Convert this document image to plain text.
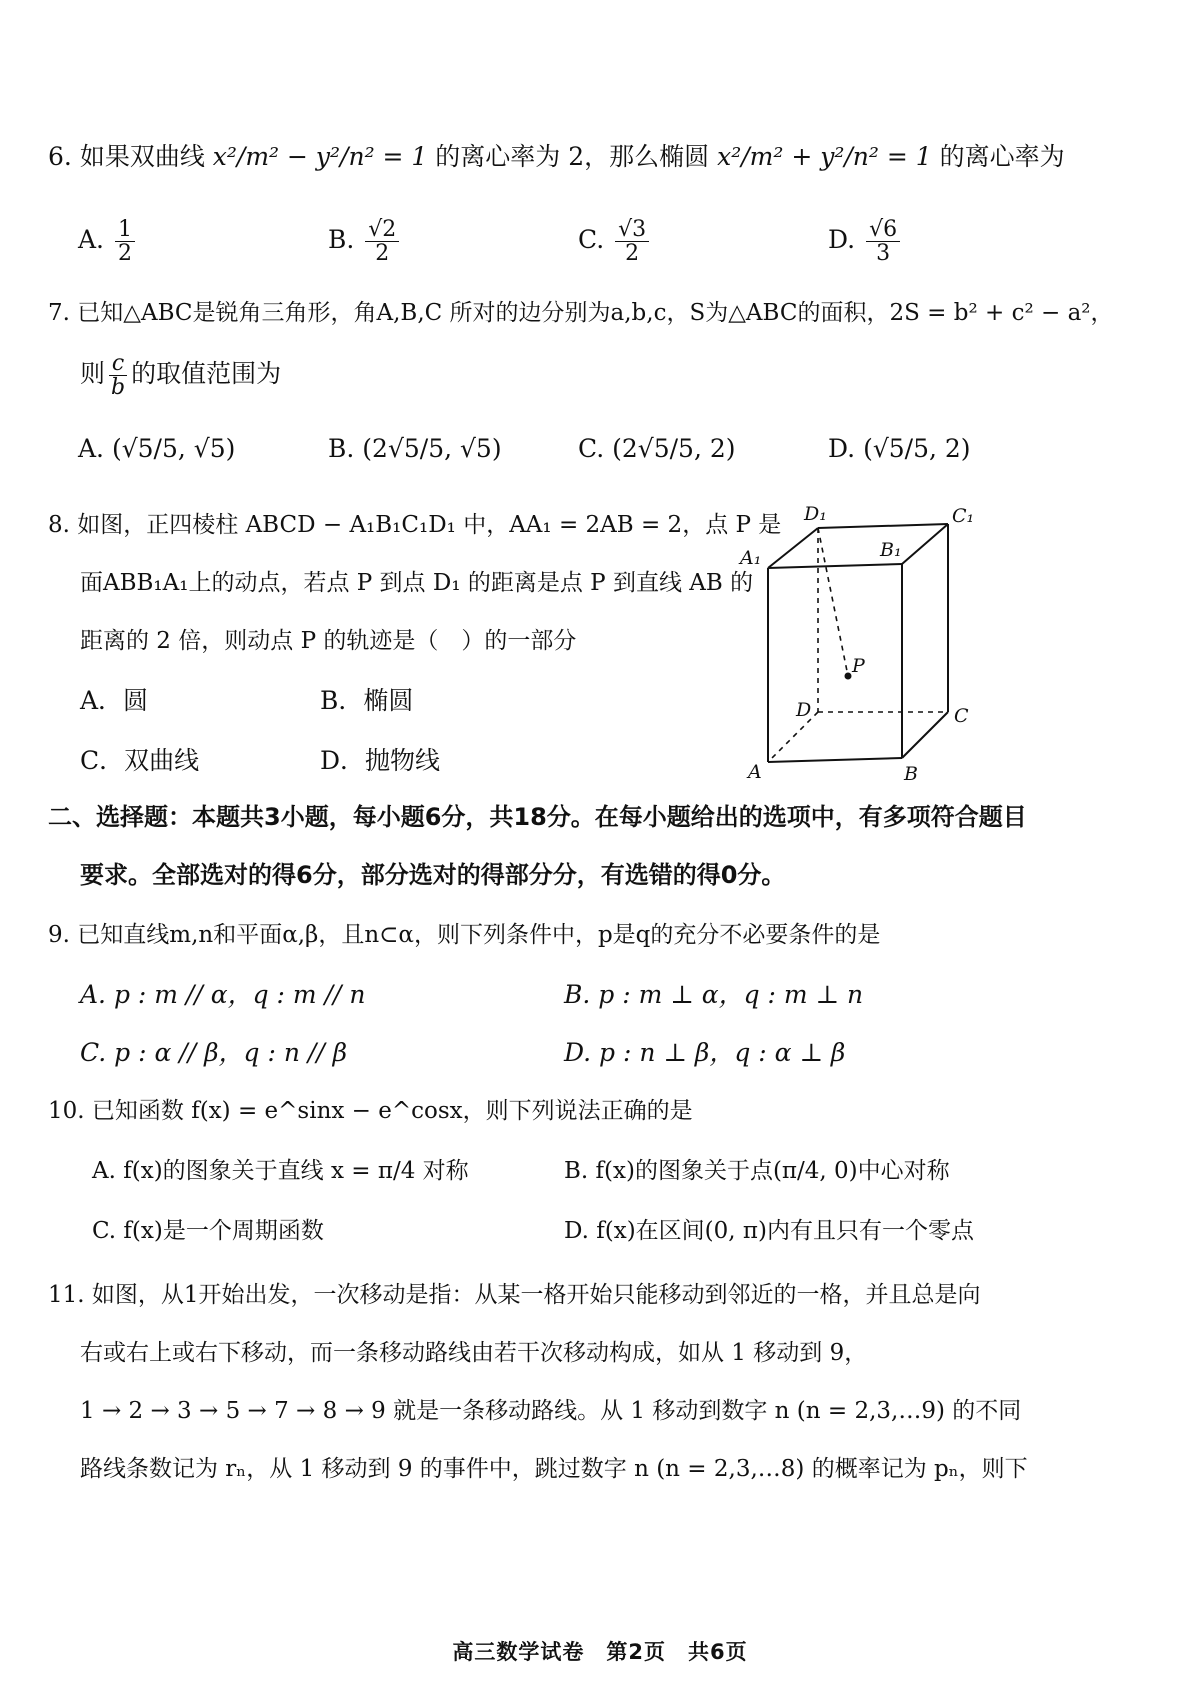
6. 如果双曲线 x²/m² − y²/n² = 1 的离心率为 2，那么椭圆 x²/m² + y²/n² = 1 的离心率为
A. $\frac{1}{2}$	B. $\frac{√2}{2}$	C. $\frac{√3}{2}$	D. $\frac{√6}{3}$
7. 已知△ABC是锐角三角形，角A,B,C 所对的边分别为a,b,c，S为△ABC的面积，2S = b² + c² − a²，
则 $\frac{c}{b}$ 的取值范围为
A. (√5/5, √5)	B. (2√5/5, √5)	C. (2√5/5, 2)	D. (√5/5, 2)
8. 如图，正四棱柱 ABCD − A₁B₁C₁D₁ 中，AA₁ = 2AB = 2，点 P 是
面ABB₁A₁上的动点，若点 P 到点 D₁ 的距离是点 P 到直线 AB 的
距离的 2 倍，则动点 P 的轨迹是（　）的一部分
A．圆	B．椭圆
C．双曲线	D．抛物线
D₁	C₁
A₁	B₁
P
D	C
A	B
二、选择题：本题共3小题，每小题6分，共18分。在每小题给出的选项中，有多项符合题目
要求。全部选对的得6分，部分选对的得部分分，有选错的得0分。
9. 已知直线m,n和平面α,β，且n⊂α，则下列条件中，p是q的充分不必要条件的是
A. p : m // α，q : m // n	B. p : m ⊥ α，q : m ⊥ n
C. p : α // β，q : n // β	D. p : n ⊥ β，q : α ⊥ β
10. 已知函数 f(x) = e^sinx − e^cosx，则下列说法正确的是
A. f(x)的图象关于直线 x = π/4 对称	B. f(x)的图象关于点(π/4, 0)中心对称
C. f(x)是一个周期函数	D. f(x)在区间(0, π)内有且只有一个零点
11. 如图，从1开始出发，一次移动是指：从某一格开始只能移动到邻近的一格，并且总是向
右或右上或右下移动，而一条移动路线由若干次移动构成，如从 1 移动到 9，
1 → 2 → 3 → 5 → 7 → 8 → 9 就是一条移动路线。从 1 移动到数字 n (n = 2,3,…9) 的不同
路线条数记为 rₙ，从 1 移动到 9 的事件中，跳过数字 n (n = 2,3,…8) 的概率记为 pₙ，则下
高三数学试卷　第2页　共6页
